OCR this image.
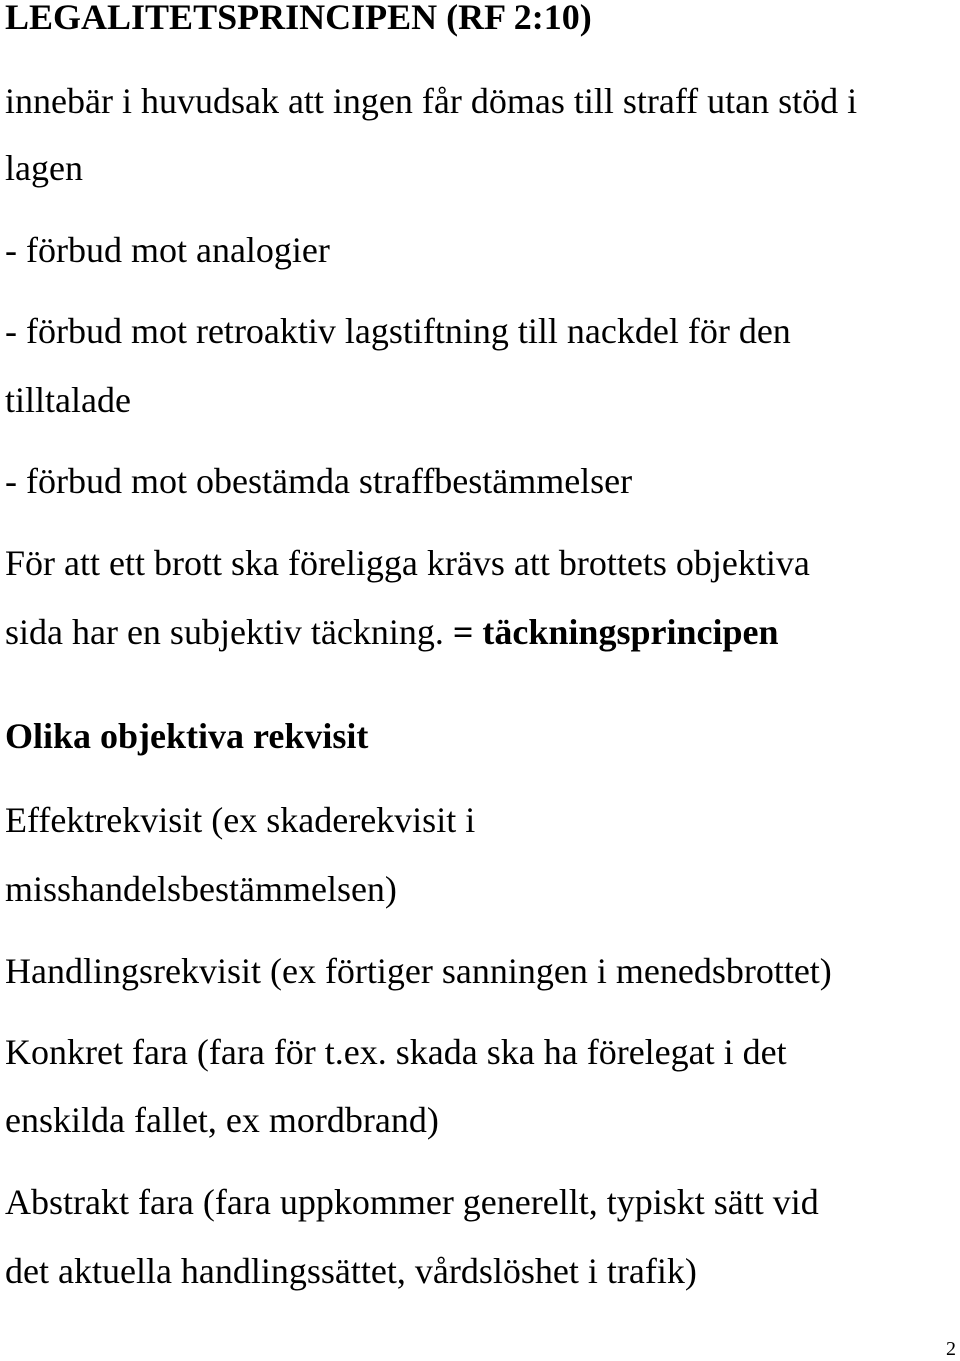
LEGALITETSPRINCIPEN (RF 2:10)
innebär i huvudsak att ingen får dömas till straff utan stöd i
lagen
- förbud mot analogier
- förbud mot retroaktiv lagstiftning till nackdel för den
tilltalade
- förbud mot obestämda straffbestämmelser
För att ett brott ska föreligga krävs att brottets objektiva
sida har en subjektiv täckning. = täckningsprincipen
Olika objektiva rekvisit
Effektrekvisit (ex skaderekvisit i
misshandelsbestämmelsen)
Handlingsrekvisit (ex förtiger sanningen i menedsbrottet)
Konkret fara (fara för t.ex. skada ska ha förelegat i det
enskilda fallet, ex mordbrand)
Abstrakt fara (fara uppkommer generellt, typiskt sätt vid
det aktuella handlingssättet, vårdslöshet i trafik)
2
